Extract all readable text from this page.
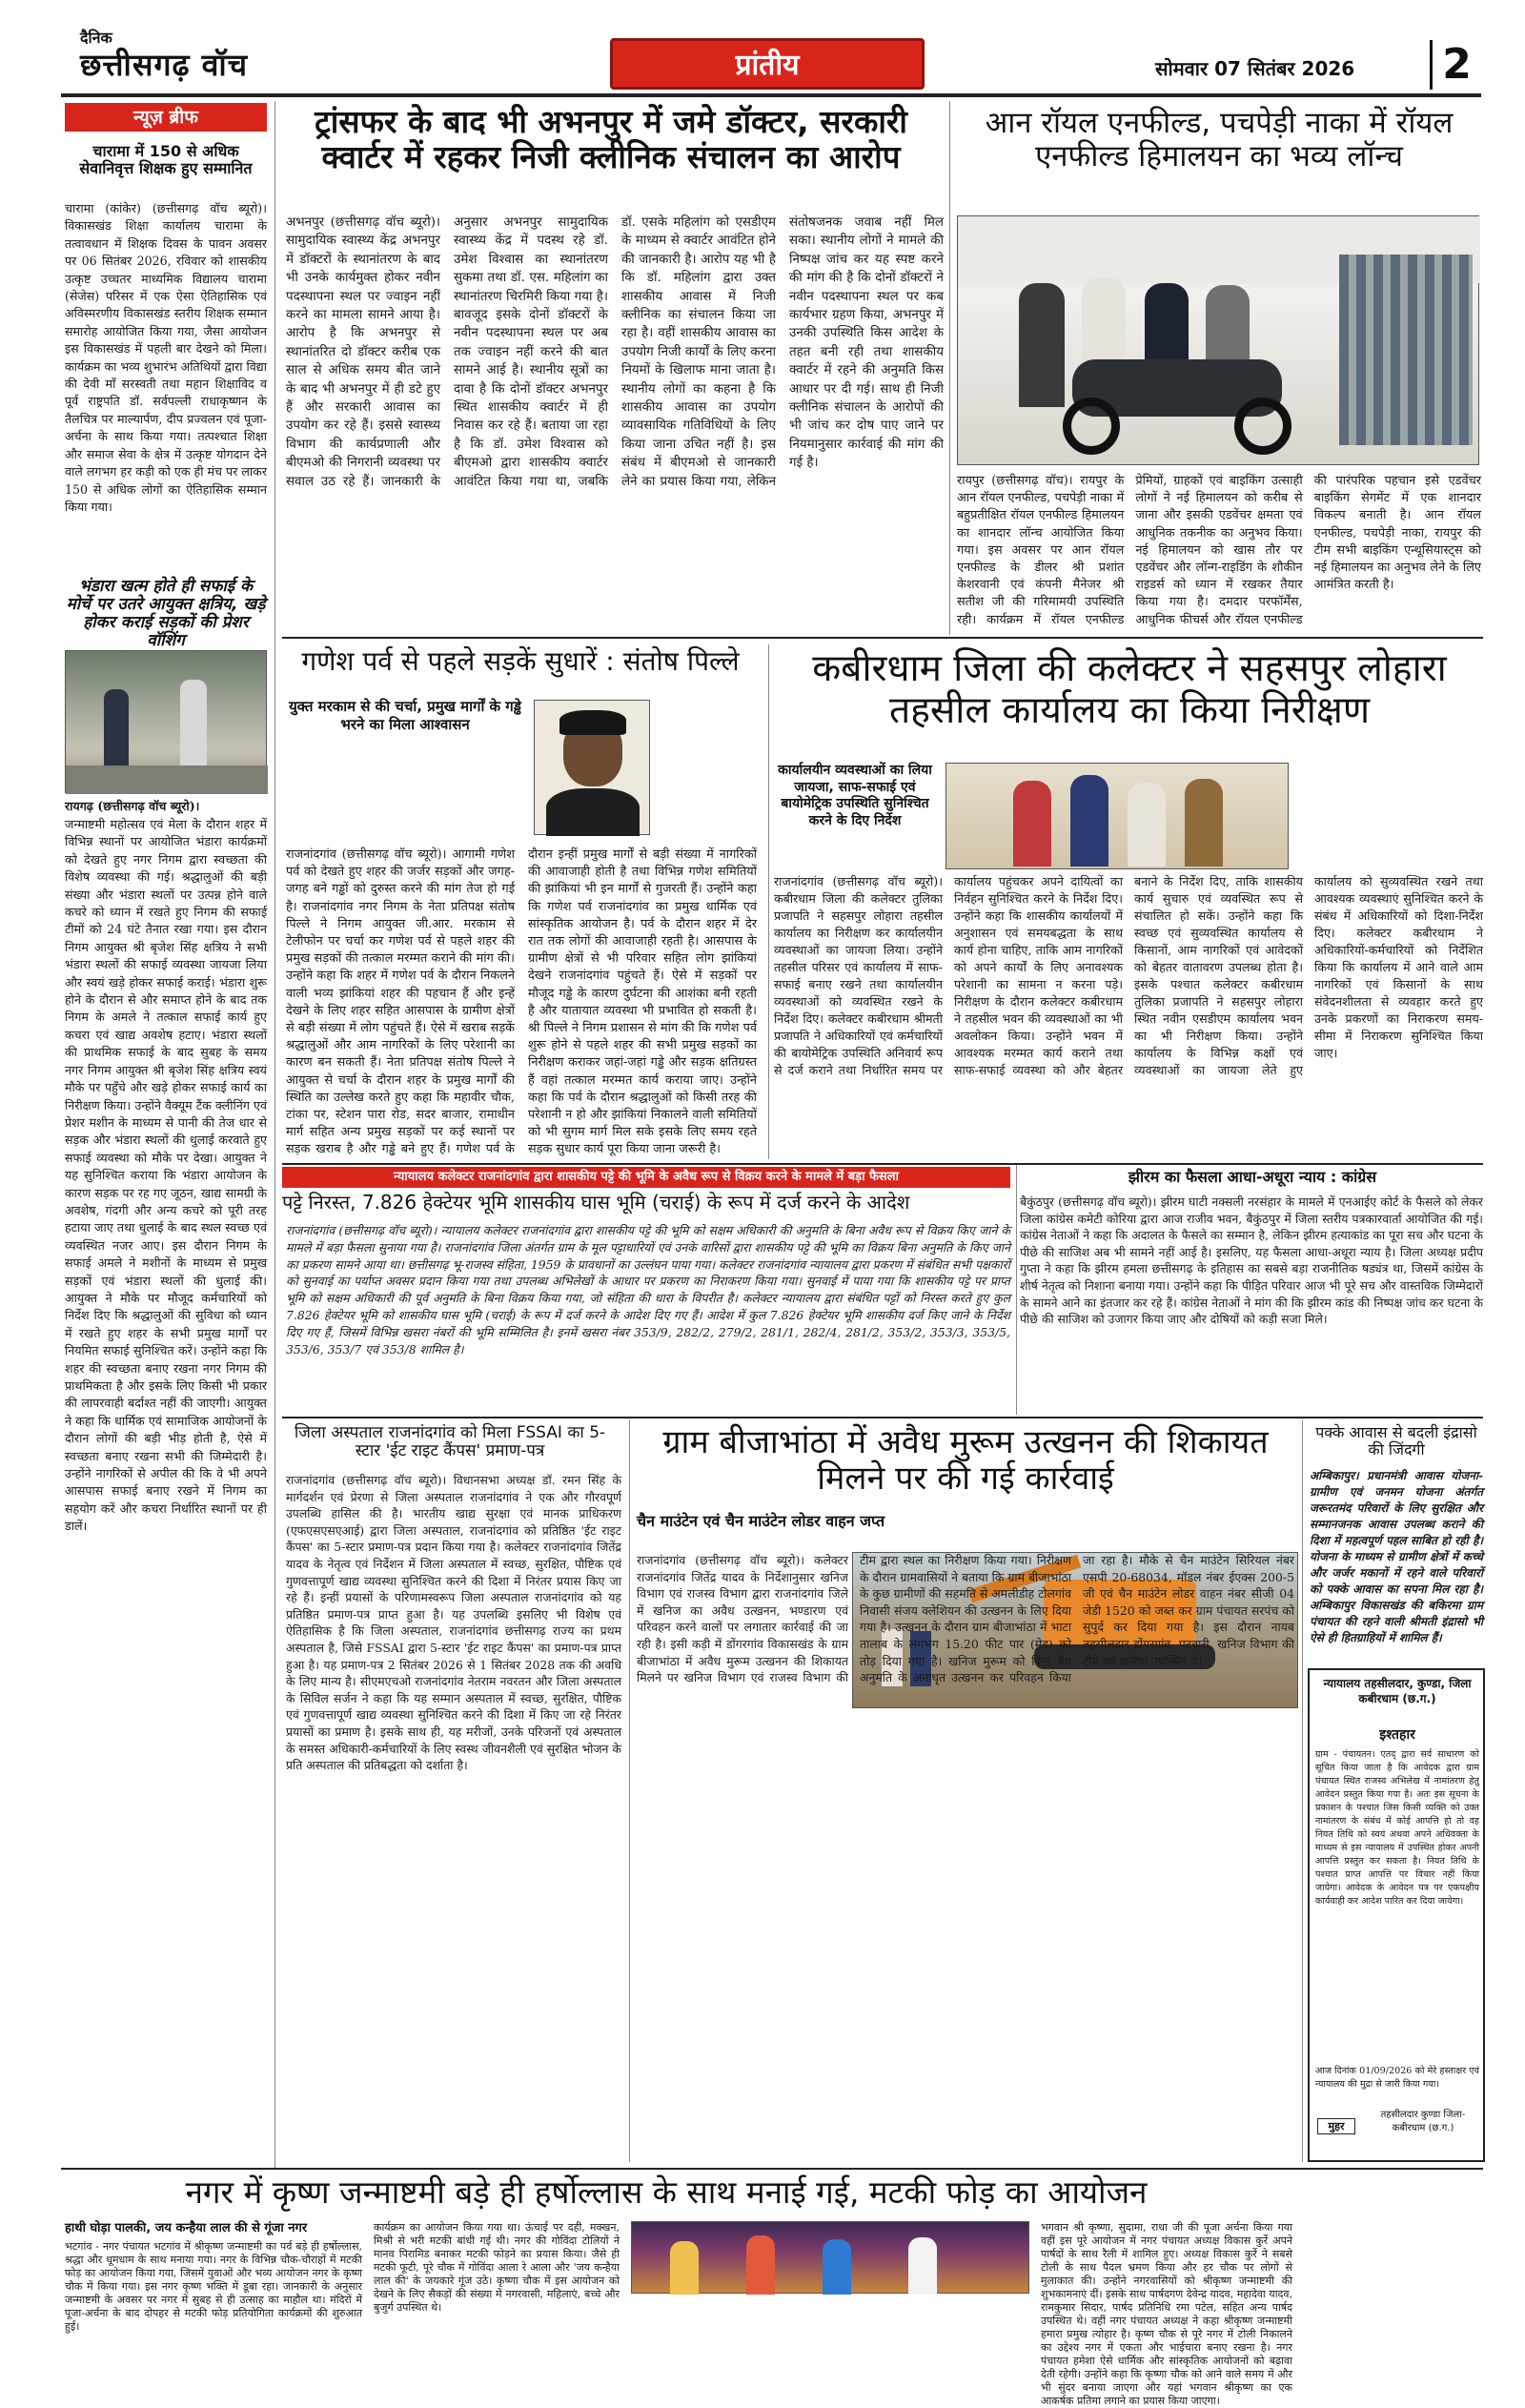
दैनिक
छत्तीसगढ़ वॉच	प्रांतीय	सोमवार 07 सितंबर 2026 2
न्यूज़ ब्रीफ
चारामा में 150 से अधिक सेवानिवृत्त शिक्षक हुए सम्मानित
चारामा (कांकेर) (छत्तीसगढ़ वॉच ब्यूरो)। विकासखंड शिक्षा कार्यालय चारामा के तत्वावधान में शिक्षक दिवस के पावन अवसर पर 06 सितंबर 2026, रविवार को शासकीय उत्कृष्ट उच्चतर माध्यमिक विद्यालय चारामा (सेजेस) परिसर में एक ऐसा ऐतिहासिक एवं अविस्मरणीय विकासखंड स्तरीय शिक्षक सम्मान समारोह आयोजित किया गया, जैसा आयोजन इस विकासखंड में पहली बार देखने को मिला। कार्यक्रम का भव्य शुभारंभ अतिथियों द्वारा विद्या की देवी माँ सरस्वती तथा महान शिक्षाविद व पूर्व राष्ट्रपति डॉ. सर्वपल्ली राधाकृष्णन के तैलचित्र पर माल्यार्पण, दीप प्रज्वलन एवं पूजा-अर्चना के साथ किया गया। तत्पश्चात शिक्षा और समाज सेवा के क्षेत्र में उत्कृष्ट योगदान देने वाले लगभग हर कड़ी को एक ही मंच पर लाकर 150 से अधिक लोगों का ऐतिहासिक सम्मान किया गया।
भंडारा खत्म होते ही सफाई के मोर्चे पर उतरे आयुक्त क्षत्रिय, खड़े होकर कराई सड़कों की प्रेशर वॉशिंग
रायगढ़ (छत्तीसगढ़ वॉच ब्यूरो)।
जन्माष्टमी महोत्सव एवं मेला के दौरान शहर में विभिन्न स्थानों पर आयोजित भंडारा कार्यक्रमों को देखते हुए नगर निगम द्वारा स्वच्छता की विशेष व्यवस्था की गई। श्रद्धालुओं की बड़ी संख्या और भंडारा स्थलों पर उत्पन्न होने वाले कचरे को ध्यान में रखते हुए निगम की सफाई टीमों को 24 घंटे तैनात रखा गया। इस दौरान निगम आयुक्त श्री बृजेश सिंह क्षत्रिय ने सभी भंडारा स्थलों की सफाई व्यवस्था जायजा लिया और स्वयं खड़े होकर सफाई कराई। भंडारा शुरू होने के दौरान से और समाप्त होने के बाद तक निगम के अमले ने तत्काल सफाई कार्य हुए कचरा एवं खाद्य अवशेष हटाए। भंडारा स्थलों की प्राथमिक सफाई के बाद सुबह के समय नगर निगम आयुक्त श्री बृजेश सिंह क्षत्रिय स्वयं मौके पर पहुँचे और खड़े होकर सफाई कार्य का निरीक्षण किया। उन्होंने वैक्यूम टैंक क्लीनिंग एवं प्रेशर मशीन के माध्यम से पानी की तेज धार से सड़क और भंडारा स्थलों की धुलाई करवाते हुए सफाई व्यवस्था को मौके पर देखा। आयुक्त ने यह सुनिश्चित कराया कि भंडारा आयोजन के कारण सड़क पर रह गए जूठन, खाद्य सामग्री के अवशेष, गंदगी और अन्य कचरे को पूरी तरह हटाया जाए तथा धुलाई के बाद स्थल स्वच्छ एवं व्यवस्थित नजर आए। इस दौरान निगम के सफाई अमले ने मशीनों के माध्यम से प्रमुख सड़कों एवं भंडारा स्थलों की धुलाई की। आयुक्त ने मौके पर मौजूद कर्मचारियों को निर्देश दिए कि श्रद्धालुओं की सुविधा को ध्यान में रखते हुए शहर के सभी प्रमुख मार्गों पर नियमित सफाई सुनिश्चित करें। उन्होंने कहा कि शहर की स्वच्छता बनाए रखना नगर निगम की प्राथमिकता है और इसके लिए किसी भी प्रकार की लापरवाही बर्दाश्त नहीं की जाएगी। आयुक्त ने कहा कि धार्मिक एवं सामाजिक आयोजनों के दौरान लोगों की बड़ी भीड़ होती है, ऐसे में स्वच्छता बनाए रखना सभी की जिम्मेदारी है। उन्होंने नागरिकों से अपील की कि वे भी अपने आसपास सफाई बनाए रखने में निगम का सहयोग करें और कचरा निर्धारित स्थानों पर ही डालें।
ट्रांसफर के बाद भी अभनपुर में जमे डॉक्टर, सरकारी क्वार्टर में रहकर निजी क्लीनिक संचालन का आरोप
अभनपुर (छत्तीसगढ़ वॉच ब्यूरो)। सामुदायिक स्वास्थ्य केंद्र अभनपुर में डॉक्टरों के स्थानांतरण के बाद भी उनके कार्यमुक्त होकर नवीन पदस्थापना स्थल पर ज्वाइन नहीं करने का मामला सामने आया है। आरोप है कि अभनपुर से स्थानांतरित दो डॉक्टर करीब एक साल से अधिक समय बीत जाने के बाद भी अभनपुर में ही डटे हुए हैं और सरकारी आवास का उपयोग कर रहे हैं। इससे स्वास्थ्य विभाग की कार्यप्रणाली और बीएमओ की निगरानी व्यवस्था पर सवाल उठ रहे हैं। जानकारी के अनुसार अभनपुर सामुदायिक स्वास्थ्य केंद्र में पदस्थ रहे डॉ. उमेश विश्वास का स्थानांतरण सुकमा तथा डॉ. एस. महिलांग का स्थानांतरण चिरमिरी किया गया है। बावजूद इसके दोनों डॉक्टरों के नवीन पदस्थापना स्थल पर अब तक ज्वाइन नहीं करने की बात सामने आई है। स्थानीय सूत्रों का दावा है कि दोनों डॉक्टर अभनपुर स्थित शासकीय क्वार्टर में ही निवास कर रहे हैं। बताया जा रहा है कि डॉ. उमेश विश्वास को बीएमओ द्वारा शासकीय क्वार्टर आवंटित किया गया था, जबकि डॉ. एसके महिलांग को एसडीएम के माध्यम से क्वार्टर आवंटित होने की जानकारी है। आरोप यह भी है कि डॉ. महिलांग द्वारा उक्त शासकीय आवास में निजी क्लीनिक का संचालन किया जा रहा है। वहीं शासकीय आवास का उपयोग निजी कार्यों के लिए करना नियमों के खिलाफ माना जाता है। स्थानीय लोगों का कहना है कि शासकीय आवास का उपयोग व्यावसायिक गतिविधियों के लिए किया जाना उचित नहीं है। इस संबंध में बीएमओ से जानकारी लेने का प्रयास किया गया, लेकिन संतोषजनक जवाब नहीं मिल सका। स्थानीय लोगों ने मामले की निष्पक्ष जांच कर यह स्पष्ट करने की मांग की है कि दोनों डॉक्टरों ने नवीन पदस्थापना स्थल पर कब कार्यभार ग्रहण किया, अभनपुर में उनकी उपस्थिति किस आदेश के तहत बनी रही तथा शासकीय क्वार्टर में रहने की अनुमति किस आधार पर दी गई। साथ ही निजी क्लीनिक संचालन के आरोपों की भी जांच कर दोष पाए जाने पर नियमानुसार कार्रवाई की मांग की गई है।
आन रॉयल एनफील्ड, पचपेड़ी नाका में रॉयल एनफील्ड हिमालयन का भव्य लॉन्च
रायपुर (छत्तीसगढ़ वॉच)। रायपुर के आन रॉयल एनफील्ड, पचपेड़ी नाका में बहुप्रतीक्षित रॉयल एनफील्ड हिमालयन का शानदार लॉन्च आयोजित किया गया। इस अवसर पर आन रॉयल एनफील्ड के डीलर श्री प्रशांत केशरवानी एवं कंपनी मैनेजर श्री सतीश जी की गरिमामयी उपस्थिति रही। कार्यक्रम में रॉयल एनफील्ड प्रेमियों, ग्राहकों एवं बाइकिंग उत्साही लोगों ने नई हिमालयन को करीब से जाना और इसकी एडवेंचर क्षमता एवं आधुनिक तकनीक का अनुभव किया। नई हिमालयन को खास तौर पर एडवेंचर और लॉन्ग-राइडिंग के शौकीन राइडर्स को ध्यान में रखकर तैयार किया गया है। दमदार परफॉर्मेंस, आधुनिक फीचर्स और रॉयल एनफील्ड की पारंपरिक पहचान इसे एडवेंचर बाइकिंग सेगमेंट में एक शानदार विकल्प बनाती है। आन रॉयल एनफील्ड, पचपेड़ी नाका, रायपुर की टीम सभी बाइकिंग एन्थूसियास्ट्स को नई हिमालयन का अनुभव लेने के लिए आमंत्रित करती है।
गणेश पर्व से पहले सड़कें सुधारें : संतोष पिल्ले
युक्त मरकाम से की चर्चा, प्रमुख मार्गों के गड्ढे भरने का मिला आश्वासन
राजनांदगांव (छत्तीसगढ़ वॉच ब्यूरो)। आगामी गणेश पर्व को देखते हुए शहर की जर्जर सड़कों और जगह-जगह बने गड्ढों को दुरुस्त करने की मांग तेज हो गई है। राजनांदगांव नगर निगम के नेता प्रतिपक्ष संतोष पिल्ले ने निगम आयुक्त जी.आर. मरकाम से टेलीफोन पर चर्चा कर गणेश पर्व से पहले शहर की प्रमुख सड़कों की तत्काल मरम्मत कराने की मांग की। उन्होंने कहा कि शहर में गणेश पर्व के दौरान निकलने वाली भव्य झांकियां शहर की पहचान हैं और इन्हें देखने के लिए शहर सहित आसपास के ग्रामीण क्षेत्रों से बड़ी संख्या में लोग पहुंचते हैं। ऐसे में खराब सड़कें श्रद्धालुओं और आम नागरिकों के लिए परेशानी का कारण बन सकती हैं। नेता प्रतिपक्ष संतोष पिल्ले ने आयुक्त से चर्चा के दौरान शहर के प्रमुख मार्गों की स्थिति का उल्लेख करते हुए कहा कि महावीर चौक, टांका पर, स्टेशन पारा रोड, सदर बाजार, रामाधीन मार्ग सहित अन्य प्रमुख सड़कों पर कई स्थानों पर सड़क खराब है और गड्ढे बने हुए हैं। गणेश पर्व के दौरान इन्हीं प्रमुख मार्गों से बड़ी संख्या में नागरिकों की आवाजाही होती है तथा विभिन्न गणेश समितियों की झांकियां भी इन मार्गों से गुजरती हैं। उन्होंने कहा कि गणेश पर्व राजनांदगांव का प्रमुख धार्मिक एवं सांस्कृतिक आयोजन है। पर्व के दौरान शहर में देर रात तक लोगों की आवाजाही रहती है। आसपास के ग्रामीण क्षेत्रों से भी परिवार सहित लोग झांकियां देखने राजनांदगांव पहुंचते हैं। ऐसे में सड़कों पर मौजूद गड्ढे के कारण दुर्घटना की आशंका बनी रहती है और यातायात व्यवस्था भी प्रभावित हो सकती है। श्री पिल्ले ने निगम प्रशासन से मांग की कि गणेश पर्व शुरू होने से पहले शहर की सभी प्रमुख सड़कों का निरीक्षण कराकर जहां-जहां गड्ढे और सड़क क्षतिग्रस्त हैं वहां तत्काल मरम्मत कार्य कराया जाए। उन्होंने कहा कि पर्व के दौरान श्रद्धालुओं को किसी तरह की परेशानी न हो और झांकियां निकालने वाली समितियों को भी सुगम मार्ग मिल सके इसके लिए समय रहते सड़क सुधार कार्य पूरा किया जाना जरूरी है।
कबीरधाम जिला की कलेक्टर ने सहसपुर लोहारा तहसील कार्यालय का किया निरीक्षण
कार्यालयीन व्यवस्थाओं का लिया जायजा, साफ-सफाई एवं बायोमेट्रिक उपस्थिति सुनिश्चित करने के दिए निर्देश
राजनांदगांव (छत्तीसगढ़ वॉच ब्यूरो)। कबीरधाम जिला की कलेक्टर तुलिका प्रजापति ने सहसपुर लोहारा तहसील कार्यालय का निरीक्षण कर कार्यालयीन व्यवस्थाओं का जायजा लिया। उन्होंने तहसील परिसर एवं कार्यालय में साफ-सफाई बनाए रखने तथा कार्यालयीन व्यवस्थाओं को व्यवस्थित रखने के निर्देश दिए। कलेक्टर कबीरधाम श्रीमती प्रजापति ने अधिकारियों एवं कर्मचारियों की बायोमेट्रिक उपस्थिति अनिवार्य रूप से दर्ज कराने तथा निर्धारित समय पर कार्यालय पहुंचकर अपने दायित्वों का निर्वहन सुनिश्चित करने के निर्देश दिए। उन्होंने कहा कि शासकीय कार्यालयों में अनुशासन एवं समयबद्धता के साथ कार्य होना चाहिए, ताकि आम नागरिकों को अपने कार्यों के लिए अनावश्यक परेशानी का सामना न करना पड़े। निरीक्षण के दौरान कलेक्टर कबीरधाम ने तहसील भवन की व्यवस्थाओं का भी अवलोकन किया। उन्होंने भवन में आवश्यक मरम्मत कार्य कराने तथा साफ-सफाई व्यवस्था को और बेहतर बनाने के निर्देश दिए, ताकि शासकीय कार्य सुचारु एवं व्यवस्थित रूप से संचालित हो सकें। उन्होंने कहा कि स्वच्छ एवं सुव्यवस्थित कार्यालय से किसानों, आम नागरिकों एवं आवेदकों को बेहतर वातावरण उपलब्ध होता है। इसके पश्चात कलेक्टर कबीरधाम तुलिका प्रजापति ने सहसपुर लोहारा स्थित नवीन एसडीएम कार्यालय भवन का भी निरीक्षण किया। उन्होंने कार्यालय के विभिन्न कक्षों एवं व्यवस्थाओं का जायजा लेते हुए कार्यालय को सुव्यवस्थित रखने तथा आवश्यक व्यवस्थाएं सुनिश्चित करने के संबंध में अधिकारियों को दिशा-निर्देश दिए। कलेक्टर कबीरधाम ने अधिकारियों-कर्मचारियों को निर्देशित किया कि कार्यालय में आने वाले आम नागरिकों एवं किसानों के साथ संवेदनशीलता से व्यवहार करते हुए उनके प्रकरणों का निराकरण समय-सीमा में निराकरण सुनिश्चित किया जाए।
झीरम का फैसला आधा-अधूरा न्याय : कांग्रेस
बैकुंठपुर (छत्तीसगढ़ वॉच ब्यूरो)। झीरम घाटी नक्सली नरसंहार के मामले में एनआईए कोर्ट के फैसले को लेकर जिला कांग्रेस कमेटी कोरिया द्वारा आज राजीव भवन, बैकुंठपुर में जिला स्तरीय पत्रकारवार्ता आयोजित की गई। कांग्रेस नेताओं ने कहा कि अदालत के फैसले का सम्मान है, लेकिन झीरम हत्याकांड का पूरा सच और घटना के पीछे की साजिश अब भी सामने नहीं आई है। इसलिए, यह फैसला आधा-अधूरा न्याय है। जिला अध्यक्ष प्रदीप गुप्ता ने कहा कि झीरम हमला छत्तीसगढ़ के इतिहास का सबसे बड़ा राजनीतिक षड्यंत्र था, जिसमें कांग्रेस के शीर्ष नेतृत्व को निशाना बनाया गया। उन्होंने कहा कि पीड़ित परिवार आज भी पूरे सच और वास्तविक जिम्मेदारों के सामने आने का इंतजार कर रहे हैं। कांग्रेस नेताओं ने मांग की कि झीरम कांड की निष्पक्ष जांच कर घटना के पीछे की साजिश को उजागर किया जाए और दोषियों को कड़ी सजा मिले।
न्यायालय कलेक्टर राजनांदगांव द्वारा शासकीय पट्टे की भूमि के अवैध रूप से विक्रय करने के मामले में बड़ा फैसला
पट्टे निरस्त, 7.826 हेक्टेयर भूमि शासकीय घास भूमि (चराई) के रूप में दर्ज करने के आदेश
राजनांदगांव (छत्तीसगढ़ वॉच ब्यूरो)। न्यायालय कलेक्टर राजनांदगांव द्वारा शासकीय पट्टे की भूमि को सक्षम अधिकारी की अनुमति के बिना अवैध रूप से विक्रय किए जाने के मामले में बड़ा फैसला सुनाया गया है। राजनांदगांव जिला अंतर्गत ग्राम के मूल पट्टाधारियों एवं उनके वारिसों द्वारा शासकीय पट्टे की भूमि का विक्रय बिना अनुमति के किए जाने का प्रकरण सामने आया था। छत्तीसगढ़ भू-राजस्व संहिता, 1959 के प्रावधानों का उल्लंघन पाया गया। कलेक्टर राजनांदगांव न्यायालय द्वारा प्रकरण में संबंधित सभी पक्षकारों को सुनवाई का पर्याप्त अवसर प्रदान किया गया तथा उपलब्ध अभिलेखों के आधार पर प्रकरण का निराकरण किया गया। सुनवाई में पाया गया कि शासकीय पट्टे पर प्राप्त भूमि को सक्षम अधिकारी की पूर्व अनुमति के बिना विक्रय किया गया, जो संहिता की धारा के विपरीत है। कलेक्टर न्यायालय द्वारा संबंधित पट्टों को निरस्त करते हुए कुल 7.826 हेक्टेयर भूमि को शासकीय घास भूमि (चराई) के रूप में दर्ज करने के आदेश दिए गए हैं। आदेश में कुल 7.826 हेक्टेयर भूमि शासकीय दर्ज किए जाने के निर्देश दिए गए हैं, जिसमें विभिन्न खसरा नंबरों की भूमि सम्मिलित है। इनमें खसरा नंबर 353/9, 282/2, 279/2, 281/1, 282/4, 281/2, 353/2, 353/3, 353/5, 353/6, 353/7 एवं 353/8 शामिल है।
जिला अस्पताल राजनांदगांव को मिला FSSAI का 5-स्टार 'ईट राइट कैंपस' प्रमाण-पत्र
राजनांदगांव (छत्तीसगढ़ वॉच ब्यूरो)। विधानसभा अध्यक्ष डॉ. रमन सिंह के मार्गदर्शन एवं प्रेरणा से जिला अस्पताल राजनांदगांव ने एक और गौरवपूर्ण उपलब्धि हासिल की है। भारतीय खाद्य सुरक्षा एवं मानक प्राधिकरण (एफएसएसएआई) द्वारा जिला अस्पताल, राजनांदगांव को प्रतिष्ठित 'ईट राइट कैंपस' का 5-स्टार प्रमाण-पत्र प्रदान किया गया है। कलेक्टर राजनांदगांव जितेंद्र यादव के नेतृत्व एवं निर्देशन में जिला अस्पताल में स्वच्छ, सुरक्षित, पौष्टिक एवं गुणवत्तापूर्ण खाद्य व्यवस्था सुनिश्चित करने की दिशा में निरंतर प्रयास किए जा रहे हैं। इन्हीं प्रयासों के परिणामस्वरूप जिला अस्पताल राजनांदगांव को यह प्रतिष्ठित प्रमाण-पत्र प्राप्त हुआ है। यह उपलब्धि इसलिए भी विशेष एवं ऐतिहासिक है कि जिला अस्पताल, राजनांदगांव छत्तीसगढ़ राज्य का प्रथम अस्पताल है, जिसे FSSAI द्वारा 5-स्टार 'ईट राइट कैंपस' का प्रमाण-पत्र प्राप्त हुआ है। यह प्रमाण-पत्र 2 सितंबर 2026 से 1 सितंबर 2028 तक की अवधि के लिए मान्य है। सीएमएचओ राजनांदगांव नेतराम नवरतन और जिला अस्पताल के सिविल सर्जन ने कहा कि यह सम्मान अस्पताल में स्वच्छ, सुरक्षित, पौष्टिक एवं गुणवत्तापूर्ण खाद्य व्यवस्था सुनिश्चित करने की दिशा में किए जा रहे निरंतर प्रयासों का प्रमाण है। इसके साथ ही, यह मरीजों, उनके परिजनों एवं अस्पताल के समस्त अधिकारी-कर्मचारियों के लिए स्वस्थ जीवनशैली एवं सुरक्षित भोजन के प्रति अस्पताल की प्रतिबद्धता को दर्शाता है।
ग्राम बीजाभांठा में अवैध मुरूम उत्खनन की शिकायत मिलने पर की गई कार्रवाई
चैन माउंटेन एवं चैन माउंटेन लोडर वाहन जप्त
राजनांदगांव (छत्तीसगढ़ वॉच ब्यूरो)। कलेक्टर राजनांदगांव जितेंद्र यादव के निर्देशानुसार खनिज विभाग एवं राजस्व विभाग द्वारा राजनांदगांव जिले में खनिज का अवैध उत्खनन, भण्डारण एवं परिवहन करने वालों पर लगातार कार्रवाई की जा रही है। इसी कड़ी में डोंगरगांव विकासखंड के ग्राम बीजाभांठा में अवैध मुरूम उत्खनन की शिकायत मिलने पर खनिज विभाग एवं राजस्व विभाग की टीम द्वारा स्थल का निरीक्षण किया गया। निरीक्षण के दौरान ग्रामवासियों ने बताया कि ग्राम बीजाभांठा के कुछ ग्रामीणों की सहमति से अमलीडीह टोलगांव निवासी संजय क्लेशियन की उत्खनन के लिए दिया गया है। उत्खनन के दौरान ग्राम बीजाभांठा में भाटा तालाब के लगभग 15.20 फीट पार (मेड) को तोड़ दिया गया है। खनिज मुरूम को बिना वैध अनुमति के अनाधृत उत्खनन कर परिवहन किया जा रहा है। मौके से चैन माउंटेन सिरियल नंबर एसपी 20-68034, मॉडल नंबर ईएक्स 200-5 जी एवं चैन माउंटेन लोडर वाहन नंबर सीजी 04 जेडी 1520 को जब्त कर ग्राम पंचायत सरपंच को सुपुर्द कर दिया गया है। इस दौरान नायब तहसीलदार डोंगरगांव, पटवारी, खनिज विभाग की टीम एवं ग्रामीण उपस्थित थे।
पक्के आवास से बदली इंद्रासो की जिंदगी
अम्बिकापुर। प्रधानमंत्री आवास योजना-ग्रामीण एवं जनमन योजना अंतर्गत जरूरतमंद परिवारों के लिए सुरक्षित और सम्मानजनक आवास उपलब्ध कराने की दिशा में महत्वपूर्ण पहल साबित हो रही है। योजना के माध्यम से ग्रामीण क्षेत्रों में कच्चे और जर्जर मकानों में रहने वाले परिवारों को पक्के आवास का सपना मिल रहा है। अम्बिकापुर विकासखंड की बकिरमा ग्राम पंचायत की रहने वाली श्रीमती इंद्रासो भी ऐसे ही हितग्राहियों में शामिल हैं।
न्यायालय तहसीलदार, कुण्डा, जिला कबीरधाम (छ.ग.)
इश्तहार
ग्राम - पंचायतन। एतद् द्वारा सर्व साधारण को सूचित किया जाता है कि आवेदक द्वारा ग्राम पंचायत स्थित राजस्व अभिलेख में नामांतरण हेतु आवेदन प्रस्तुत किया गया है। अतः इस सूचना के प्रकाशन के पश्चात जिस किसी व्यक्ति को उक्त नामांतरण के संबंध में कोई आपत्ति हो तो वह नियत तिथि को स्वयं अथवा अपने अधिवक्ता के माध्यम से इस न्यायालय में उपस्थित होकर अपनी आपत्ति प्रस्तुत कर सकता है। नियत तिथि के पश्चात प्राप्त आपत्ति पर विचार नहीं किया जायेगा। आवेदक के आवेदन पत्र पर एकपक्षीय कार्यवाही कर आदेश पारित कर दिया जायेगा।
आज दिनांक 01/09/2026 को मेरे हस्ताक्षर एवं न्यायालय की मुद्रा से जारी किया गया।
मुहर
तहसीलदार कुण्डा जिला-कबीरधाम (छ.ग.)
नगर में कृष्ण जन्माष्टमी बड़े ही हर्षोल्लास के साथ मनाई गई, मटकी फोड़ का आयोजन
हाथी घोड़ा पालकी, जय कन्हैया लाल की से गूंजा नगर
भटगांव - नगर पंचायत भटगांव में श्रीकृष्ण जन्माष्टमी का पर्व बड़े ही हर्षोल्लास, श्रद्धा और धूमधाम के साथ मनाया गया। नगर के विभिन्न चौक-चौराहों में मटकी फोड़ का आयोजन किया गया, जिसमें युवाओं और भव्य आयोजन नगर के कृष्ण चौक में किया गया। इस नगर कृष्ण भक्ति में डूबा रहा। जानकारी के अनुसार जन्माष्टमी के अवसर पर नगर में सुबह से ही उत्साह का माहौल था। मंदिरों में पूजा-अर्चना के बाद दोपहर से मटकी फोड़ प्रतियोगिता कार्यक्रमों की शुरुआत हुई।
कार्यक्रम का आयोजन किया गया था। ऊंचाई पर दही, मक्खन, मिश्री से भरी मटकी बांधी गई थी। नगर की गोविंदा टोलियों ने मानव पिरामिड बनाकर मटकी फोड़ने का प्रयास किया। जैसे ही मटकी फूटी, पूरे चौक में गोविंदा आला रे आला और 'जय कन्हैया लाल की' के जयकारे गूंज उठे। कृष्णा चौक में इस आयोजन को देखने के लिए सैकड़ों की संख्या में नगरवासी, महिलाएं, बच्चे और बुजुर्ग उपस्थित थे।
भगवान श्री कृष्णा, सुदामा, राधा जी की पूजा अर्चना किया गया वहीं इस पूरे आयोजन में नगर पंचायत अध्यक्ष विकास कुर्रे अपने पार्षदों के साथ रैली में शामिल हुए। अध्यक्ष विकास कुर्रे ने सबसे टोली के साथ पैदल भ्रमण किया और हर चौक पर लोगों से मुलाकात की। उन्होंने नगरवासियों को श्रीकृष्ण जन्माष्टमी की शुभकामनाएं दीं। इसके साथ पार्षदगण देवेन्द्र यादव, महादेवा यादव, रामकुमार सिदार, पार्षद प्रतिनिधि रमा पटेल, सहित अन्य पार्षद उपस्थित थे। वहीं नगर पंचायत अध्यक्ष ने कहा श्रीकृष्ण जन्माष्टमी हमारा प्रमुख त्योहार है। कृष्ण चौक से पूरे नगर में टोली निकालने का उद्देश्य नगर में एकता और भाईचारा बनाए रखना है। नगर पंचायत हमेशा ऐसे धार्मिक और सांस्कृतिक आयोजनों को बढ़ावा देती रहेगी। उन्होंने कहा कि कृष्णा चौक को आने वाले समय में और भी सुंदर बनाया जाएगा और यहां भगवान श्रीकृष्ण का एक आकर्षक प्रतिमा लगाने का प्रयास किया जाएगा।
